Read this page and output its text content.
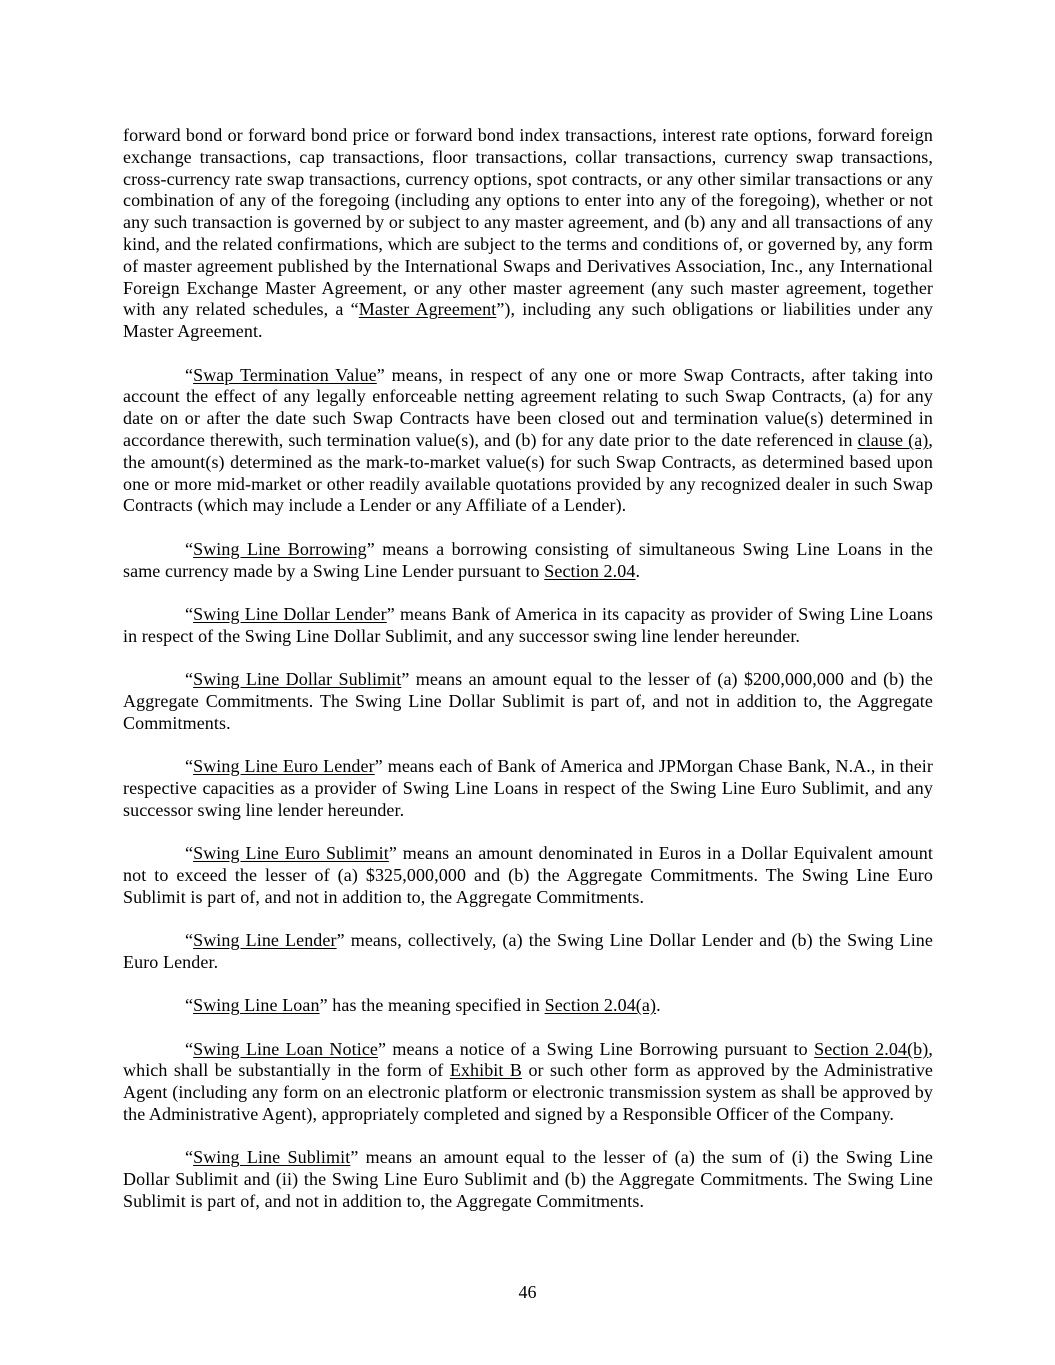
forward bond or forward bond price or forward bond index transactions, interest rate options, forward foreign exchange transactions, cap transactions, floor transactions, collar transactions, currency swap transactions, cross-currency rate swap transactions, currency options, spot contracts, or any other similar transactions or any combination of any of the foregoing (including any options to enter into any of the foregoing), whether or not any such transaction is governed by or subject to any master agreement, and (b) any and all transactions of any kind, and the related confirmations, which are subject to the terms and conditions of, or governed by, any form of master agreement published by the International Swaps and Derivatives Association, Inc., any International Foreign Exchange Master Agreement, or any other master agreement (any such master agreement, together with any related schedules, a “Master Agreement”), including any such obligations or liabilities under any Master Agreement.

“Swap Termination Value” means, in respect of any one or more Swap Contracts, after taking into account the effect of any legally enforceable netting agreement relating to such Swap Contracts, (a) for any date on or after the date such Swap Contracts have been closed out and termination value(s) determined in accordance therewith, such termination value(s), and (b) for any date prior to the date referenced in clause (a), the amount(s) determined as the mark-to-market value(s) for such Swap Contracts, as determined based upon one or more mid-market or other readily available quotations provided by any recognized dealer in such Swap Contracts (which may include a Lender or any Affiliate of a Lender).

“Swing Line Borrowing” means a borrowing consisting of simultaneous Swing Line Loans in the same currency made by a Swing Line Lender pursuant to Section 2.04.

“Swing Line Dollar Lender” means Bank of America in its capacity as provider of Swing Line Loans in respect of the Swing Line Dollar Sublimit, and any successor swing line lender hereunder.

“Swing Line Dollar Sublimit” means an amount equal to the lesser of (a) $200,000,000 and (b) the Aggregate Commitments. The Swing Line Dollar Sublimit is part of, and not in addition to, the Aggregate Commitments.

“Swing Line Euro Lender” means each of Bank of America and JPMorgan Chase Bank, N.A., in their respective capacities as a provider of Swing Line Loans in respect of the Swing Line Euro Sublimit, and any successor swing line lender hereunder.

“Swing Line Euro Sublimit” means an amount denominated in Euros in a Dollar Equivalent amount not to exceed the lesser of (a) $325,000,000 and (b) the Aggregate Commitments. The Swing Line Euro Sublimit is part of, and not in addition to, the Aggregate Commitments.

“Swing Line Lender” means, collectively, (a) the Swing Line Dollar Lender and (b) the Swing Line Euro Lender.

“Swing Line Loan” has the meaning specified in Section 2.04(a).

“Swing Line Loan Notice” means a notice of a Swing Line Borrowing pursuant to Section 2.04(b), which shall be substantially in the form of Exhibit B or such other form as approved by the Administrative Agent (including any form on an electronic platform or electronic transmission system as shall be approved by the Administrative Agent), appropriately completed and signed by a Responsible Officer of the Company.

“Swing Line Sublimit” means an amount equal to the lesser of (a) the sum of (i) the Swing Line Dollar Sublimit and (ii) the Swing Line Euro Sublimit and (b) the Aggregate Commitments. The Swing Line Sublimit is part of, and not in addition to, the Aggregate Commitments.

46
